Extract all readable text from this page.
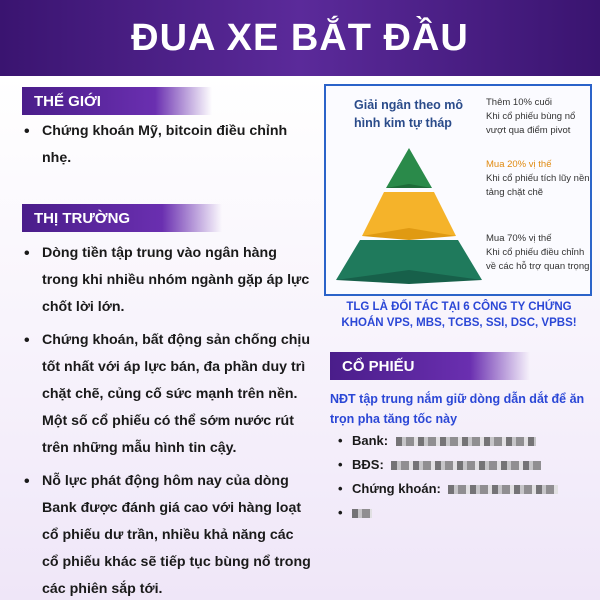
ĐUA XE BẮT ĐẦU
THẾ GIỚI
• Chứng khoán Mỹ, bitcoin điều chỉnh nhẹ.
THỊ TRƯỜNG
• Dòng tiền tập trung vào ngân hàng trong khi nhiều nhóm ngành gặp áp lực chốt lời lớn.
• Chứng khoán, bất động sản chống chịu tốt nhất với áp lực bán, đa phần duy trì chặt chẽ, củng cố sức mạnh trên nền. Một số cổ phiếu có thể sớm nước rút trên những mẫu hình tin cậy.
• Nỗ lực phát động hôm nay của dòng Bank được đánh giá cao với hàng loạt cổ phiếu dư trần, nhiều khả năng các cổ phiếu khác sẽ tiếp tục bùng nổ trong các phiên sắp tới.
Giải ngân theo mô hình kim tự tháp
Thêm 10% cuối
Khi cổ phiếu bùng nổ vượt qua điểm pivot
Mua 20% vị thế
Khi cổ phiếu tích lũy nền tảng chặt chẽ
Mua 70% vị thế
Khi cổ phiếu điều chỉnh về các hỗ trợ quan trọng
TLG LÀ ĐỐI TÁC TẠI 6 CÔNG TY CHỨNG KHOÁN VPS, MBS, TCBS, SSI, DSC, VPBS!
CỔ PHIẾU
NĐT tập trung nắm giữ dòng dẫn dắt để ăn trọn pha tăng tốc này
• Bank:
• BĐS:
• Chứng khoán:
•
